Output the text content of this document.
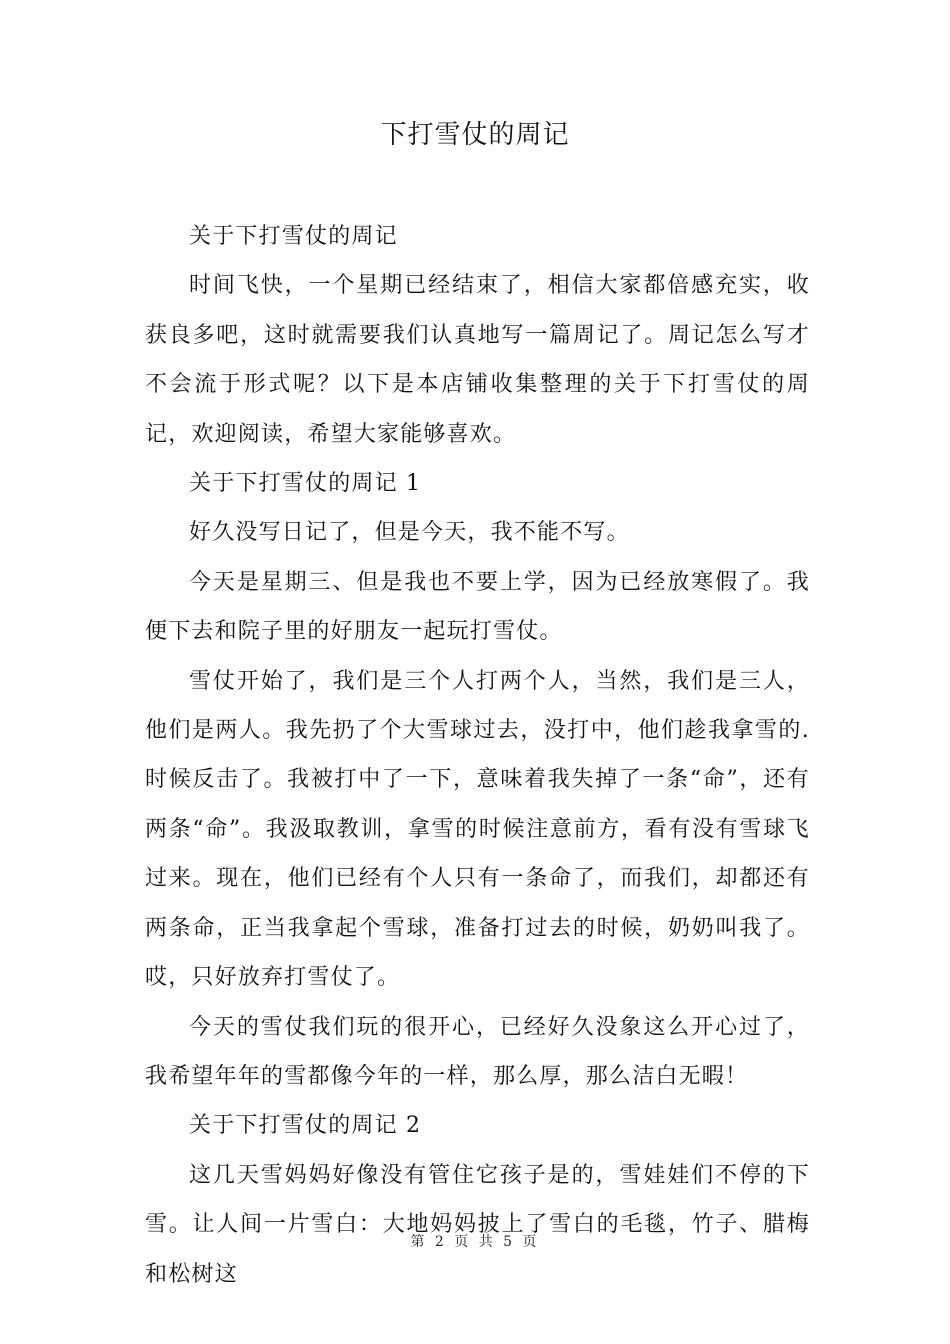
下打雪仗的周记

关于下打雪仗的周记

时间飞快，一个星期已经结束了，相信大家都倍感充实，收获良多吧，这时就需要我们认真地写一篇周记了。周记怎么写才不会流于形式呢？以下是本店铺收集整理的关于下打雪仗的周记，欢迎阅读，希望大家能够喜欢。

关于下打雪仗的周记 1

好久没写日记了，但是今天，我不能不写。

今天是星期三、但是我也不要上学，因为已经放寒假了。我便下去和院子里的好朋友一起玩打雪仗。

雪仗开始了，我们是三个人打两个人，当然，我们是三人，他们是两人。我先扔了个大雪球过去，没打中，他们趁我拿雪的.时候反击了。我被打中了一下，意味着我失掉了一条“命”，还有两条“命”。我汲取教训，拿雪的时候注意前方，看有没有雪球飞过来。现在，他们已经有个人只有一条命了，而我们，却都还有两条命，正当我拿起个雪球，准备打过去的时候，奶奶叫我了。哎，只好放弃打雪仗了。

今天的雪仗我们玩的很开心，已经好久没象这么开心过了，我希望年年的雪都像今年的一样，那么厚，那么洁白无暇！

关于下打雪仗的周记 2

这几天雪妈妈好像没有管住它孩子是的，雪娃娃们不停的下雪。让人间一片雪白：大地妈妈披上了雪白的毛毯，竹子、腊梅和松树这

第 2 页 共 5 页
